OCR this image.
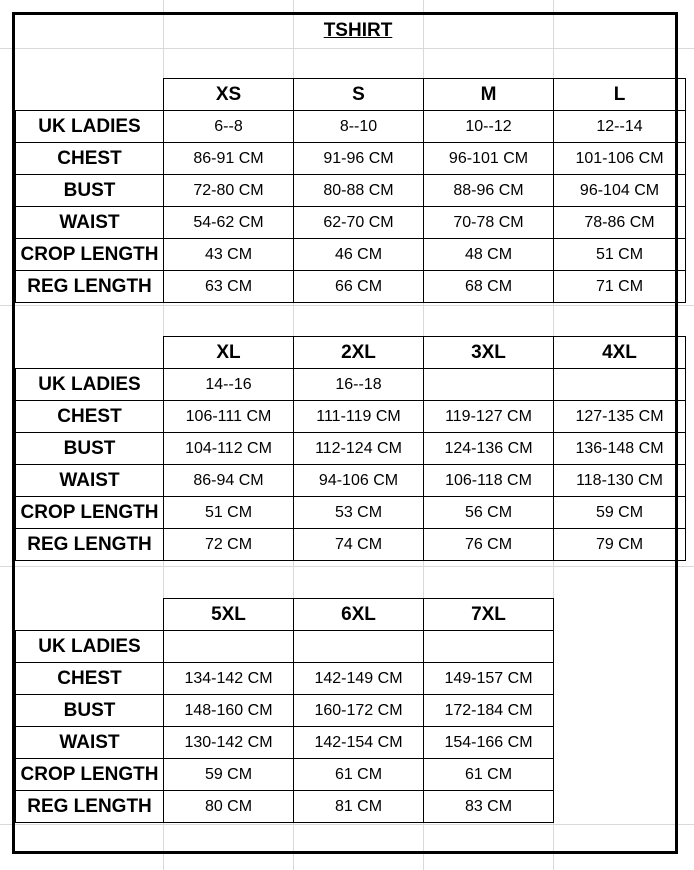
TSHIRT
	XS	S	M	L
UK LADIES	6--8	8--10	10--12	12--14
CHEST	86-91 CM	91-96 CM	96-101 CM	101-106 CM
BUST	72-80 CM	80-88 CM	88-96 CM	96-104 CM
WAIST	54-62 CM	62-70 CM	70-78 CM	78-86 CM
CROP LENGTH	43 CM	46 CM	48 CM	51 CM
REG LENGTH	63 CM	66 CM	68 CM	71 CM
	XL	2XL	3XL	4XL
UK LADIES	14--16	16--18		
CHEST	106-111 CM	111-119 CM	119-127 CM	127-135 CM
BUST	104-112 CM	112-124 CM	124-136 CM	136-148 CM
WAIST	86-94 CM	94-106 CM	106-118 CM	118-130 CM
CROP LENGTH	51 CM	53 CM	56 CM	59 CM
REG LENGTH	72 CM	74 CM	76 CM	79 CM
	5XL	6XL	7XL
UK LADIES			
CHEST	134-142 CM	142-149 CM	149-157 CM
BUST	148-160 CM	160-172 CM	172-184 CM
WAIST	130-142 CM	142-154 CM	154-166 CM
CROP LENGTH	59 CM	61 CM	61 CM
REG LENGTH	80 CM	81 CM	83 CM
